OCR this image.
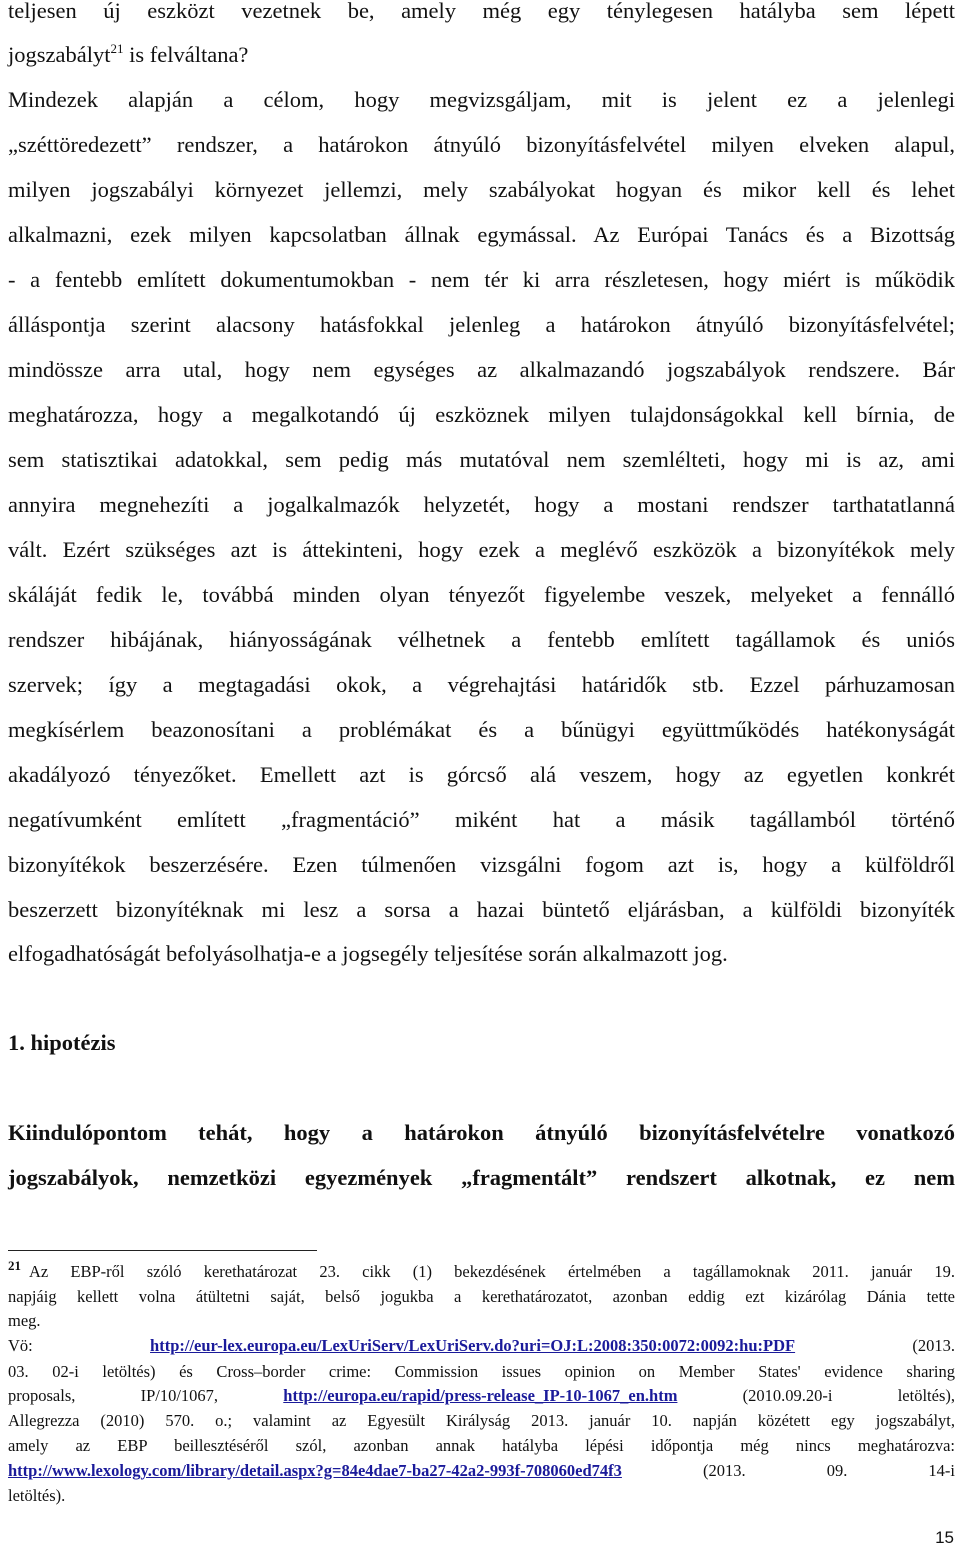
teljesen új eszközt vezetnek be, amely még egy ténylegesen hatályba sem lépett
jogszabályt$^{21}$ is felváltana?
Mindezek alapján a célom, hogy megvizsgáljam, mit is jelent ez a jelenlegi
„széttöredezett” rendszer, a határokon átnyúló bizonyításfelvétel milyen elveken alapul,
milyen jogszabályi környezet jellemzi, mely szabályokat hogyan és mikor kell és lehet
alkalmazni, ezek milyen kapcsolatban állnak egymással. Az Európai Tanács és a Bizottság
- a fentebb említett dokumentumokban - nem tér ki arra részletesen, hogy miért is működik
álláspontja szerint alacsony hatásfokkal jelenleg a határokon átnyúló bizonyításfelvétel;
mindössze arra utal, hogy nem egységes az alkalmazandó jogszabályok rendszere. Bár
meghatározza, hogy a megalkotandó új eszköznek milyen tulajdonságokkal kell bírnia, de
sem statisztikai adatokkal, sem pedig más mutatóval nem szemlélteti, hogy mi is az, ami
annyira megnehezíti a jogalkalmazók helyzetét, hogy a mostani rendszer tarthatatlanná
vált. Ezért szükséges azt is áttekinteni, hogy ezek a meglévő eszközök a bizonyítékok mely
skáláját fedik le, továbbá minden olyan tényezőt figyelembe veszek, melyeket a fennálló
rendszer hibájának, hiányosságának vélhetnek a fentebb említett tagállamok és uniós
szervek; így a megtagadási okok, a végrehajtási határidők stb. Ezzel párhuzamosan
megkísérlem beazonosítani a problémákat és a bűnügyi együttműködés hatékonyságát
akadályozó tényezőket. Emellett azt is górcső alá veszem, hogy az egyetlen konkrét
negatívumként említett „fragmentáció” miként hat a másik tagállamból történő
bizonyítékok beszerzésére. Ezen túlmenően vizsgálni fogom azt is, hogy a külföldről
beszerzett bizonyítéknak mi lesz a sorsa a hazai büntető eljárásban, a külföldi bizonyíték
elfogadhatóságát befolyásolhatja-e a jogsegély teljesítése során alkalmazott jog.
1. hipotézis
Kiindulópontom tehát, hogy a határokon átnyúló bizonyításfelvételre vonatkozó
jogszabályok, nemzetközi egyezmények „fragmentált” rendszert alkotnak, ez nem
$^{21}$ Az EBP-ről szóló kerethatározat 23. cikk (1) bekezdésének értelmében a tagállamoknak 2011. január 19.
napjáig kellett volna átültetni saját, belső jogukba a kerethatározatot, azonban eddig ezt kizárólag Dánia tette
meg.
Vö: http://eur-lex.europa.eu/LexUriServ/LexUriServ.do?uri=OJ:L:2008:350:0072:0092:hu:PDF (2013.
03. 02-i letöltés) és Cross–border crime: Commission issues opinion on Member States' evidence sharing
proposals, IP/10/1067, http://europa.eu/rapid/press-release_IP-10-1067_en.htm (2010.09.20-i letöltés),
Allegrezza (2010) 570. o.; valamint az Egyesült Királyság 2013. január 10. napján közétett egy jogszabályt,
amely az EBP beillesztéséről szól, azonban annak hatályba lépési időpontja még nincs meghatározva:
http://www.lexology.com/library/detail.aspx?g=84e4dae7-ba27-42a2-993f-708060ed74f3 (2013. 09. 14-i
letöltés).
15
